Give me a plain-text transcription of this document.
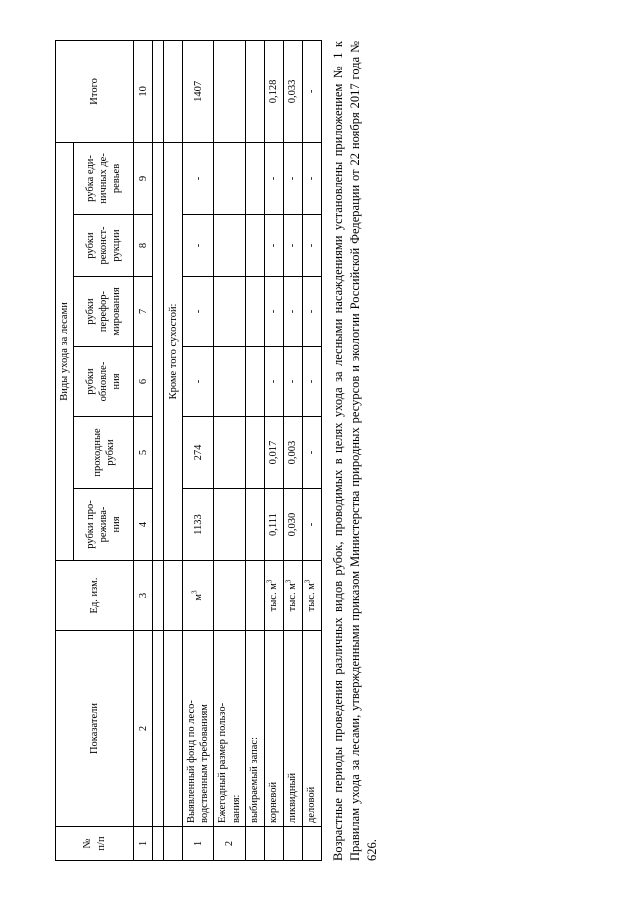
№ п/п	Показатели	Ед. изм.	Виды ухода за лесами						Итого
			рубки про- режива- ния	проходные рубки	рубки обновле- ния	рубки перефор- мирования	рубки реконст- рукции	рубка еди- ничных де- ревьев	
1	2	3	4	5	6	7	8	9	10

			Кроме того сухостой:						
1	Выявленный фонд по лесо- водственным требованиям	$м^3$	1133	274	-	-	-	-	1407
2	Ежегодный размер пользо- вания:								
	выбираемый запас:								
	корневой	тыс. $м^3$	0,111	0,017	-	-	-	-	0,128
	ликвидный	тыс. $м^3$	0,030	0,003	-	-	-	-	0,033
	деловой	тыс. $м^3$	-	-	-	-	-	-	- Возрастные периоды проведения различных видов рубок, проводимых в целях ухода за лесными насаждениями установлены приложением № 1 к Правилам ухода за лесами, утвержденными приказом Министерства природных ресурсов и экологии Российской Федерации от 22 ноября 2017 года № 626.
